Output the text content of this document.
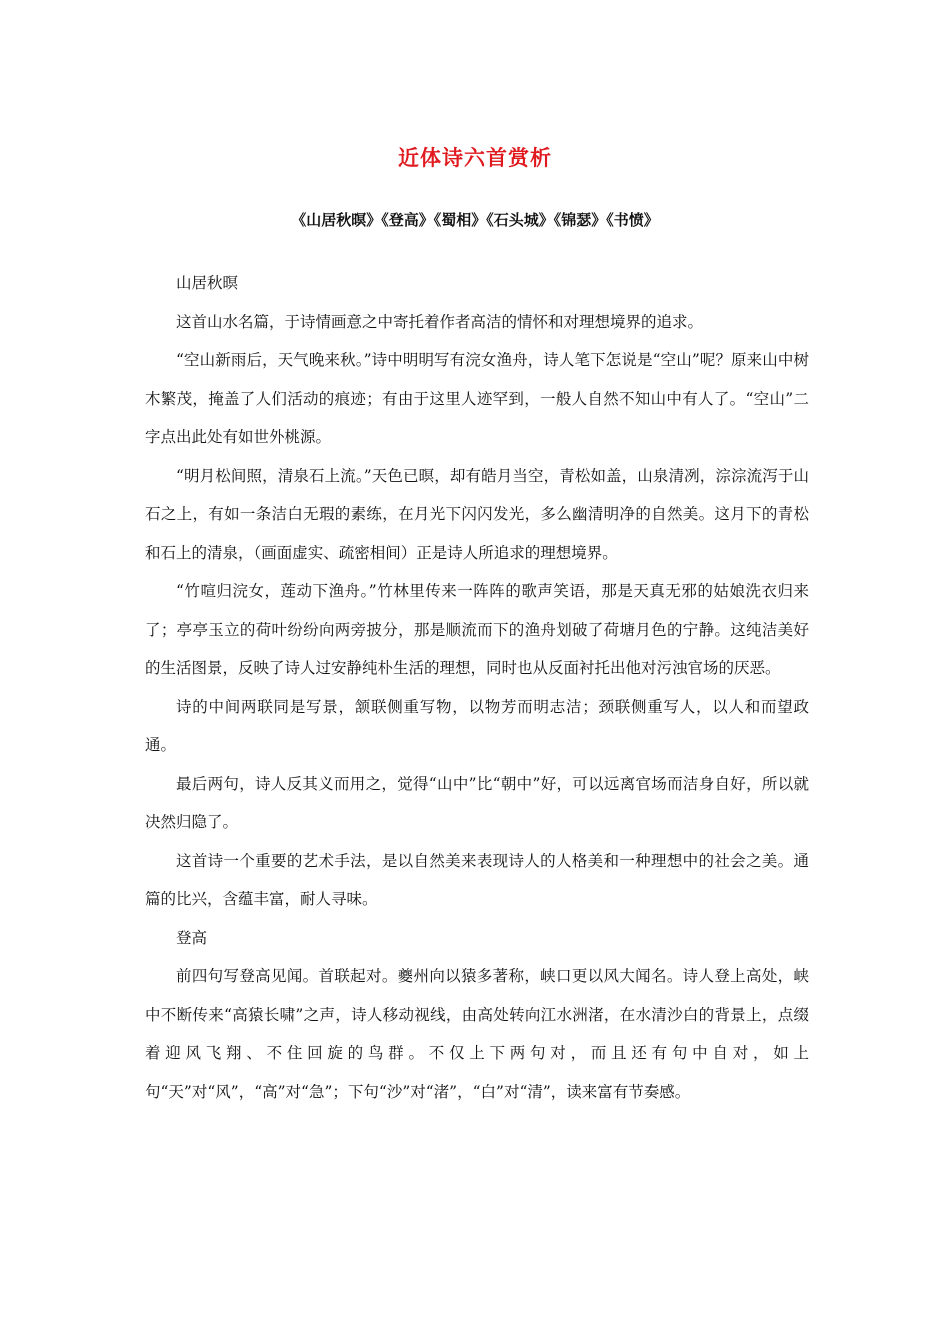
近体诗六首赏析
《山居秋暝》《登高》《蜀相》《石头城》《锦瑟》《书愤》

山居秋暝

这首山水名篇，于诗情画意之中寄托着作者高洁的情怀和对理想境界的追求。

“空山新雨后，天气晚来秋。”诗中明明写有浣女渔舟，诗人笔下怎说是“空山”呢？原来山中树木繁茂，掩盖了人们活动的痕迹；有由于这里人迹罕到，一般人自然不知山中有人了。“空山”二字点出此处有如世外桃源。

“明月松间照，清泉石上流。”天色已暝，却有皓月当空，青松如盖，山泉清冽，淙淙流泻于山石之上，有如一条洁白无瑕的素练，在月光下闪闪发光，多么幽清明净的自然美。这月下的青松和石上的清泉，（画面虚实、疏密相间）正是诗人所追求的理想境界。

“竹喧归浣女，莲动下渔舟。”竹林里传来一阵阵的歌声笑语，那是天真无邪的姑娘洗衣归来了；亭亭玉立的荷叶纷纷向两旁披分，那是顺流而下的渔舟划破了荷塘月色的宁静。这纯洁美好的生活图景，反映了诗人过安静纯朴生活的理想，同时也从反面衬托出他对污浊官场的厌恶。

诗的中间两联同是写景，颔联侧重写物，以物芳而明志洁；颈联侧重写人，以人和而望政通。

最后两句，诗人反其义而用之，觉得“山中”比“朝中”好，可以远离官场而洁身自好，所以就决然归隐了。

这首诗一个重要的艺术手法，是以自然美来表现诗人的人格美和一种理想中的社会之美。通篇的比兴，含蕴丰富，耐人寻味。

登高

前四句写登高见闻。首联起对。夔州向以猿多著称，峡口更以风大闻名。诗人登上高处，峡中不断传来“高猿长啸”之声，诗人移动视线，由高处转向江水洲渚，在水清沙白的背景上，点缀着迎风飞翔、不住回旋的鸟群。不仅上下两句对，而且还有句中自对，如上句“天”对“风”，“高”对“急”；下句“沙”对“渚”，“白”对“清”，读来富有节奏感。
